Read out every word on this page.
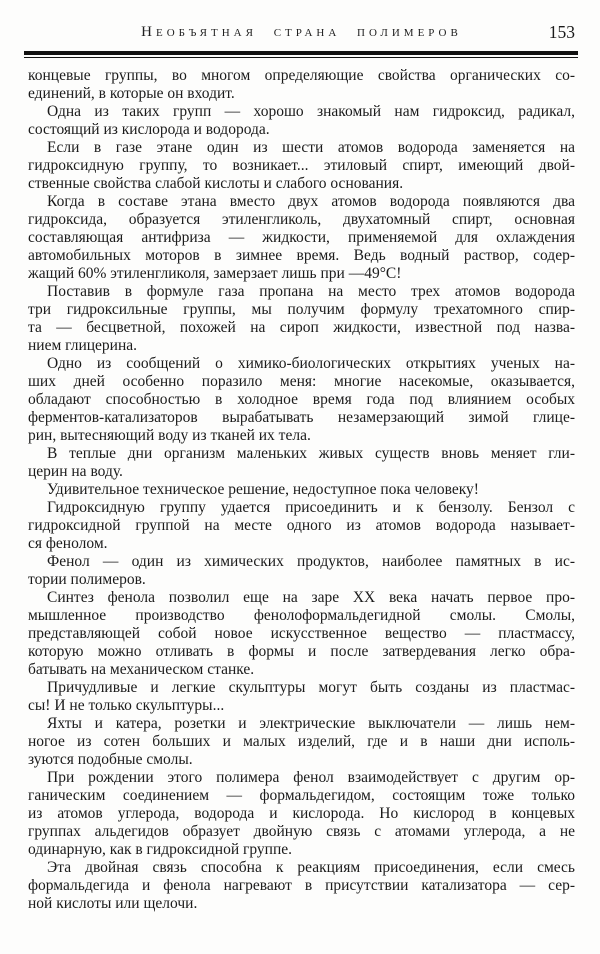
Необъятная страна полимеров	153
концевые группы, во многом определяющие свойства органических со-
единений, в которые он входит.
Одна из таких групп — хорошо знакомый нам гидроксид, радикал,
состоящий из кислорода и водорода.
Если в газе этане один из шести атомов водорода заменяется на
гидроксидную группу, то возникает... этиловый спирт, имеющий двой-
ственные свойства слабой кислоты и слабого основания.
Когда в составе этана вместо двух атомов водорода появляются два
гидроксида, образуется этиленгликоль, двухатомный спирт, основная
составляющая антифриза — жидкости, применяемой для охлаждения
автомобильных моторов в зимнее время. Ведь водный раствор, содер-
жащий 60% этиленгликоля, замерзает лишь при —49°С!
Поставив в формуле газа пропана на место трех атомов водорода
три гидроксильные группы, мы получим формулу трехатомного спир-
та — бесцветной, похожей на сироп жидкости, известной под назва-
нием глицерина.
Одно из сообщений о химико-биологических открытиях ученых на-
ших дней особенно поразило меня: многие насекомые, оказывается,
обладают способностью в холодное время года под влиянием особых
ферментов-катализаторов вырабатывать незамерзающий зимой глице-
рин, вытесняющий воду из тканей их тела.
В теплые дни организм маленьких живых существ вновь меняет гли-
церин на воду.
Удивительное техническое решение, недоступное пока человеку!
Гидроксидную группу удается присоединить и к бензолу. Бензол с
гидроксидной группой на месте одного из атомов водорода называет-
ся фенолом.
Фенол — один из химических продуктов, наиболее памятных в ис-
тории полимеров.
Синтез фенола позволил еще на заре XX века начать первое про-
мышленное производство фенолоформальдегидной смолы. Смолы,
представляющей собой новое искусственное вещество — пластмассу,
которую можно отливать в формы и после затвердевания легко обра-
батывать на механическом станке.
Причудливые и легкие скульптуры могут быть созданы из пластмас-
сы! И не только скульптуры...
Яхты и катера, розетки и электрические выключатели — лишь нем-
ногое из сотен больших и малых изделий, где и в наши дни исполь-
зуются подобные смолы.
При рождении этого полимера фенол взаимодействует с другим ор-
ганическим соединением — формальдегидом, состоящим тоже только
из атомов углерода, водорода и кислорода. Но кислород в концевых
группах альдегидов образует двойную связь с атомами углерода, а не
одинарную, как в гидроксидной группе.
Эта двойная связь способна к реакциям присоединения, если смесь
формальдегида и фенола нагревают в присутствии катализатора — сер-
ной кислоты или щелочи.
